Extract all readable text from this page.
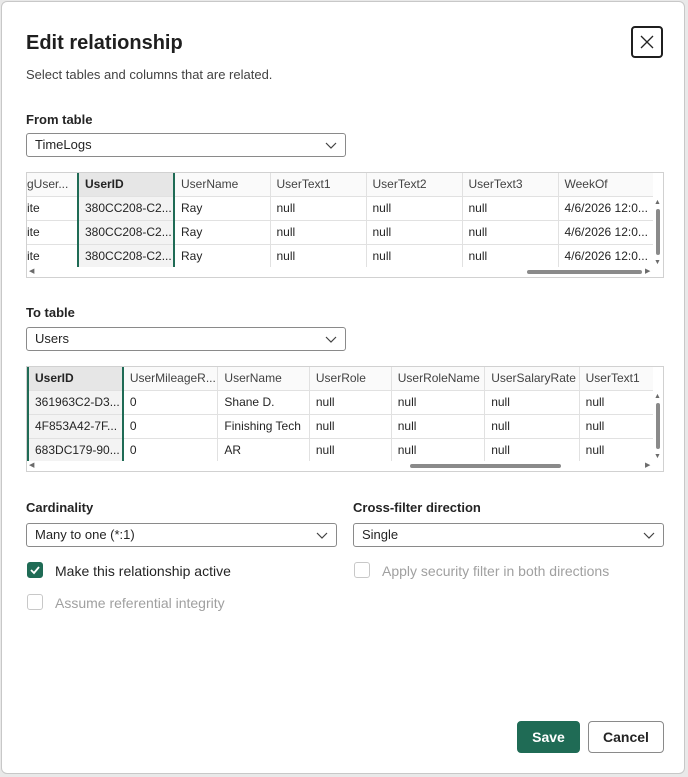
Edit relationship
Select tables and columns that are related.
From table
TimeLogs
gUser...	UserID	UserName	UserText1	UserText2	UserText3	WeekOf
ite	380CC208-C2...	Ray	null	null	null	4/6/2026 12:0...
ite	380CC208-C2...	Ray	null	null	null	4/6/2026 12:0...
ite	380CC208-C2...	Ray	null	null	null	4/6/2026 12:0...
▲
▼
◀	▶
To table
Users
UserID	UserMileageR...	UserName	UserRole	UserRoleName	UserSalaryRate	UserText1
361963C2-D3...	0	Shane D.	null	null	null	null
4F853A42-7F...	0	Finishing Tech	null	null	null	null
683DC179-90...	0	AR	null	null	null	null
▲
▼
◀	▶
Cardinality
Many to one (*:1)
Cross-filter direction
Single
Make this relationship active	Apply security filter in both directions
Assume referential integrity
Save	Cancel
